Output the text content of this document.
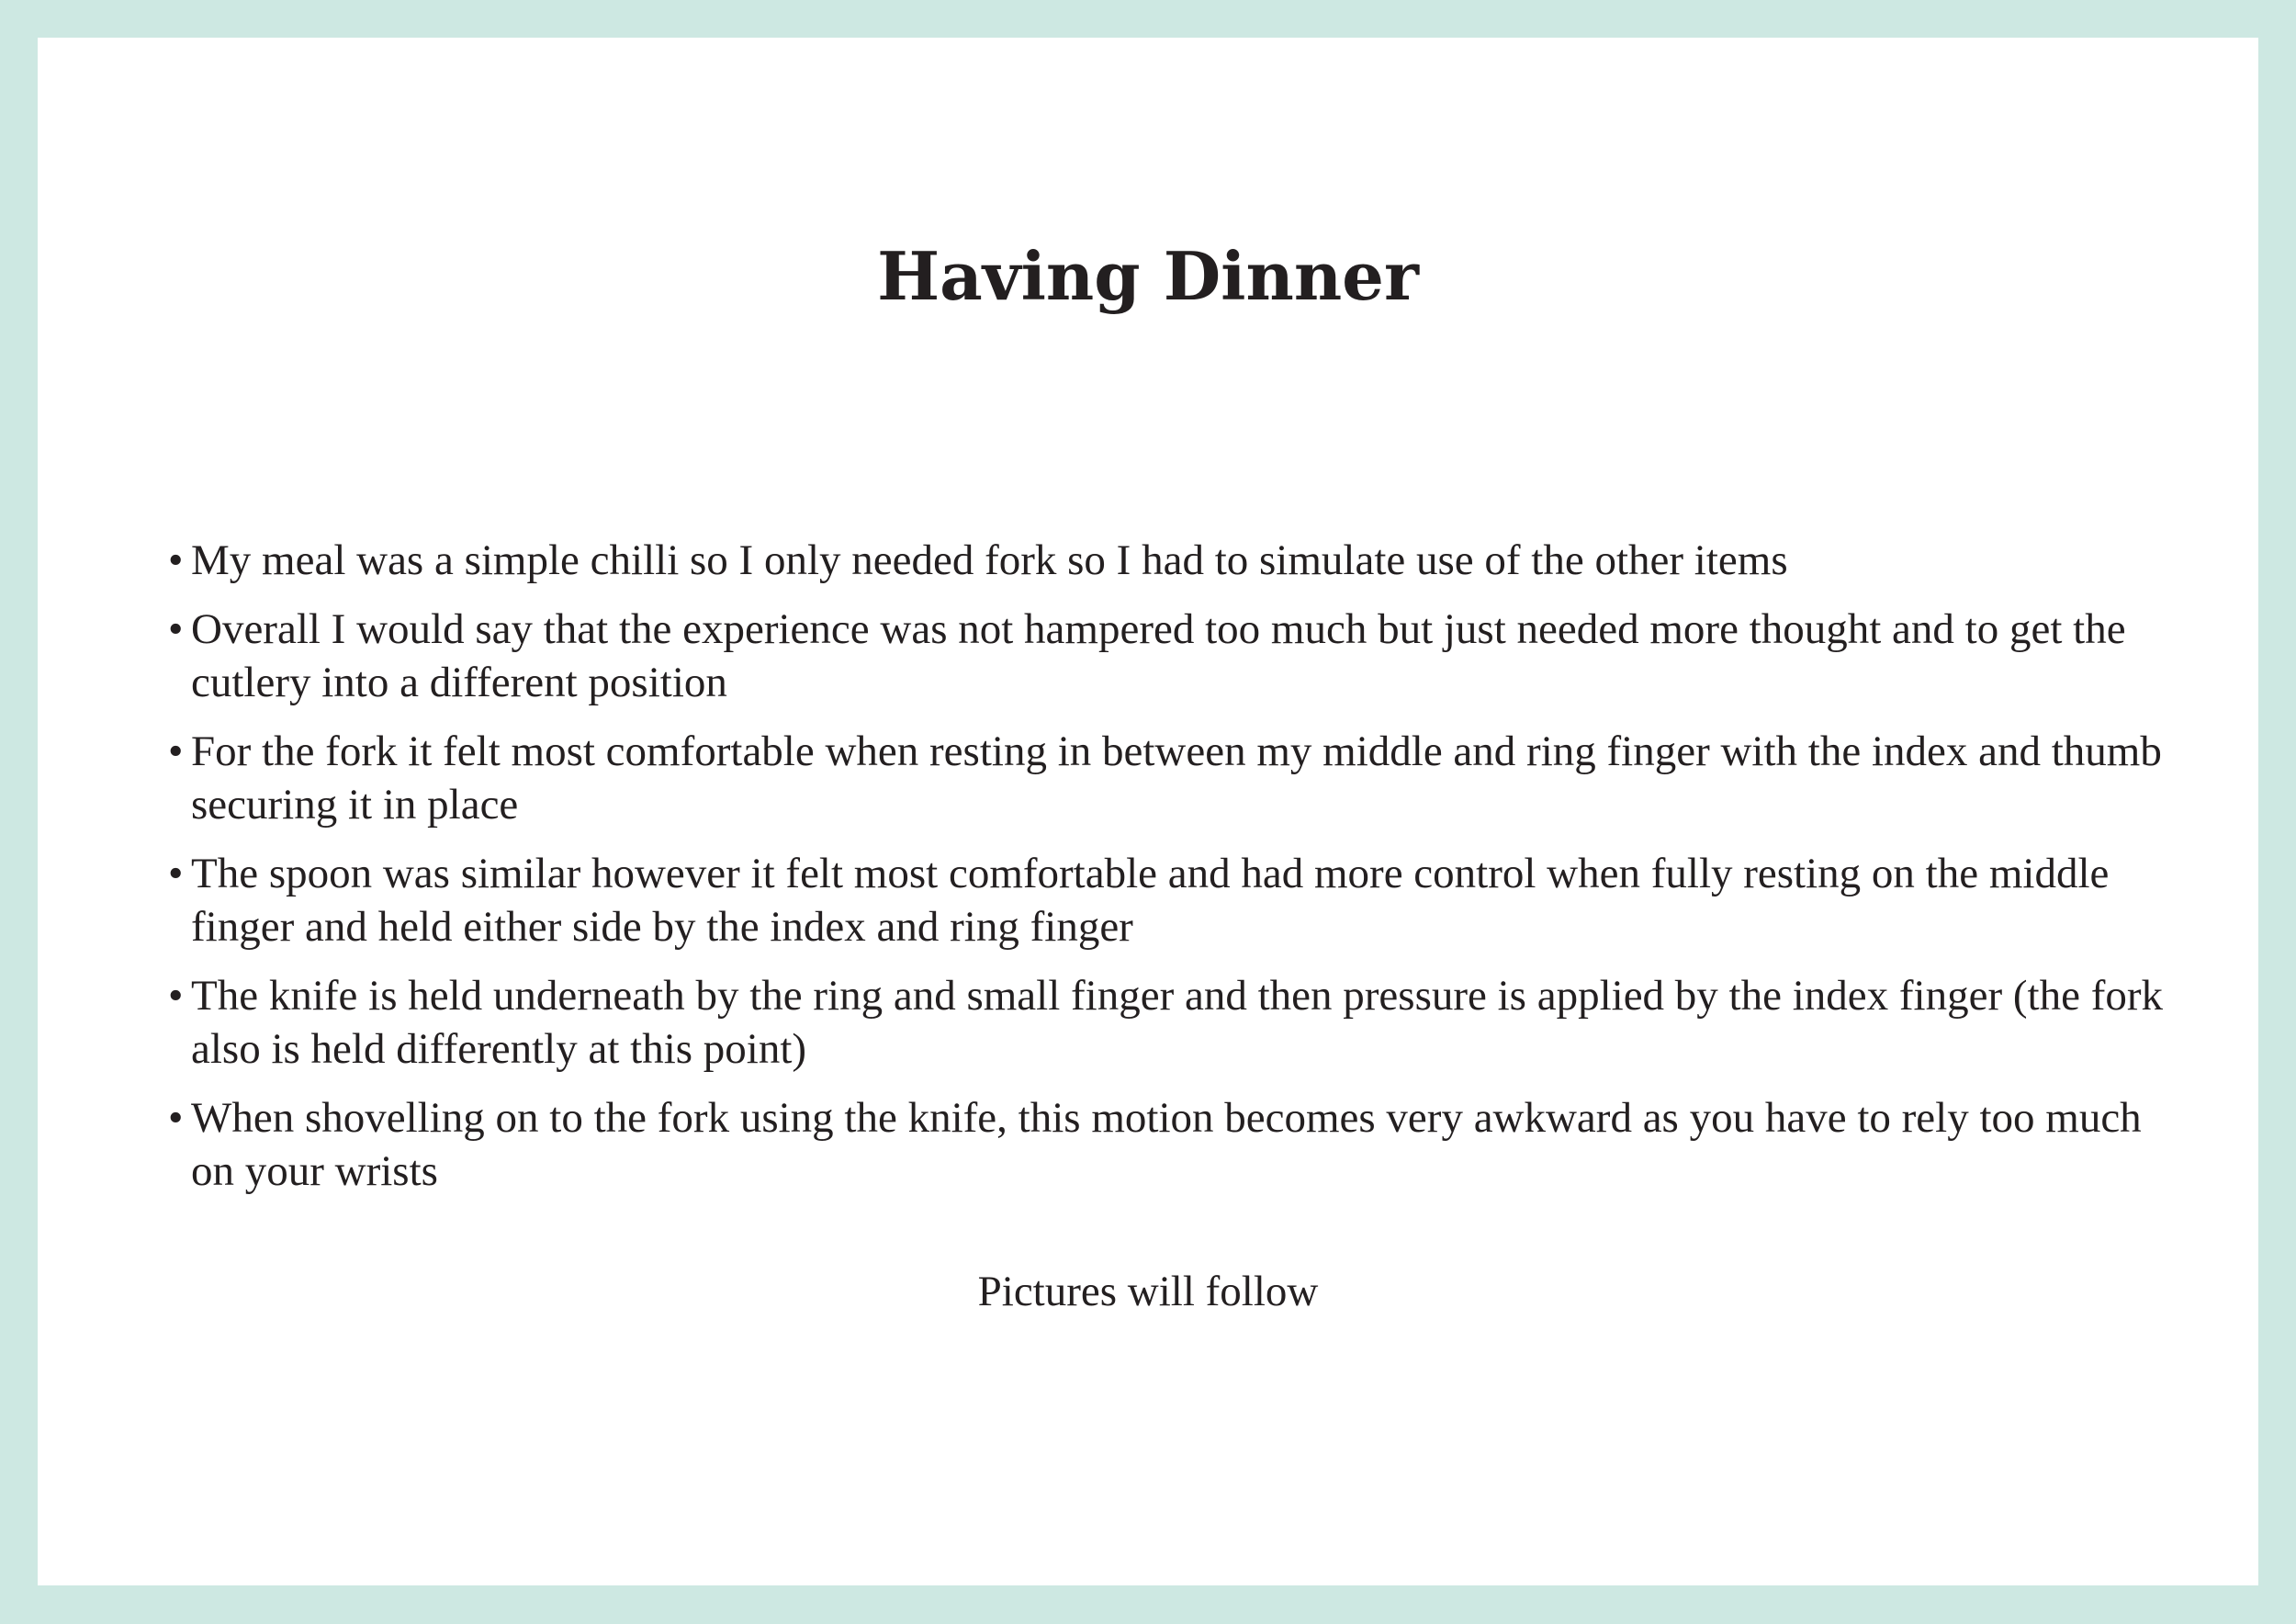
Having Dinner
• My meal was a simple chilli so I only needed fork so I had to simulate use of the other items
• Overall I would say that the experience was not hampered too much but just needed more thought and to get the cutlery into a different position
• For the fork it felt most comfortable when resting in between my middle and ring finger with the index and thumb securing it in place
• The spoon was similar however it felt most comfortable and had more control when fully resting on the middle finger and held either side by the index and ring finger
• The knife is held underneath by the ring and small finger and then pressure is applied by the index finger (the fork also is held differently at this point)
• When shovelling on to the fork using the knife, this motion becomes very awkward as you have to rely too much on your wrists

Pictures will follow
